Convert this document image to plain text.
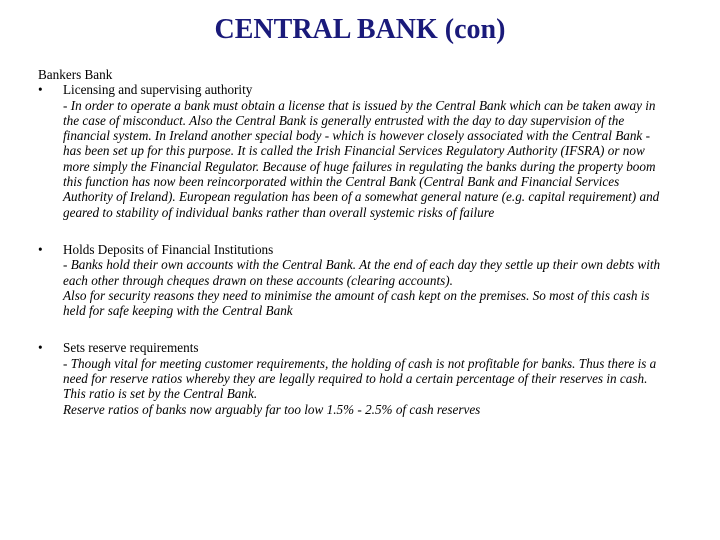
CENTRAL BANK (con)
Bankers Bank
• Licensing and supervising authority

- In order to operate a bank must obtain a license that is issued by the Central Bank which can be taken away in the case of misconduct. Also the Central Bank is generally entrusted with the day to day supervision of the financial system. In Ireland another special body - which is however closely associated with the Central Bank - has been set up for this purpose. It is called the Irish Financial Services Regulatory Authority (IFSRA) or now more simply the Financial Regulator. Because of huge failures in regulating the banks during the property boom this function has now been reincorporated within the Central Bank (Central Bank and Financial Services Authority of Ireland). European regulation has been of a somewhat general nature (e.g. capital requirement) and geared to stability of individual banks rather than overall systemic risks of failure

• Holds Deposits of Financial Institutions

- Banks hold their own accounts with the Central Bank. At the end of each day they settle up their own debts with each other through cheques drawn on these accounts (clearing accounts).

Also for security reasons they need to minimise the amount of cash kept on the premises. So most of this cash is held for safe keeping with the Central Bank

• Sets reserve requirements

- Though vital for meeting customer requirements, the holding of cash is not profitable for banks. Thus there is a need for reserve ratios whereby they are legally required to hold a certain percentage of their reserves in cash. This ratio is set by the Central Bank.

Reserve ratios of banks now arguably far too low 1.5% - 2.5% of cash reserves
